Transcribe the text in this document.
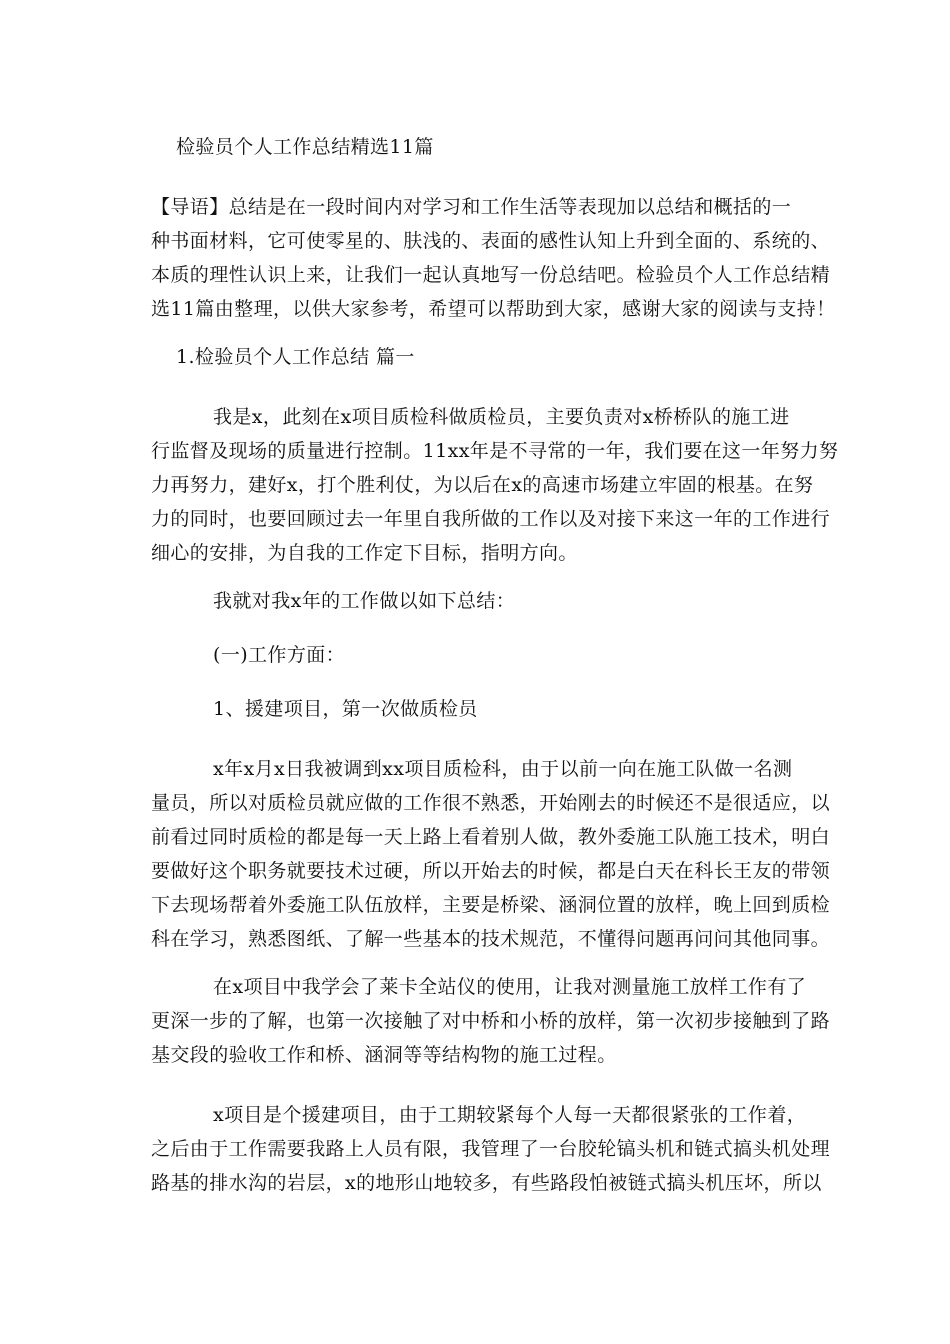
检验员个人工作总结精选11篇
【导语】总结是在一段时间内对学习和工作生活等表现加以总结和概括的一
种书面材料，它可使零星的、肤浅的、表面的感性认知上升到全面的、系统的、
本质的理性认识上来，让我们一起认真地写一份总结吧。检验员个人工作总结精
选11篇由整理，以供大家参考，希望可以帮助到大家，感谢大家的阅读与支持！
1.检验员个人工作总结 篇一
我是x，此刻在x项目质检科做质检员，主要负责对x桥桥队的施工进
行监督及现场的质量进行控制。11xx年是不寻常的一年，我们要在这一年努力努
力再努力，建好x，打个胜利仗，为以后在x的高速市场建立牢固的根基。在努
力的同时，也要回顾过去一年里自我所做的工作以及对接下来这一年的工作进行
细心的安排，为自我的工作定下目标，指明方向。
我就对我x年的工作做以如下总结：
(一)工作方面：
1、援建项目，第一次做质检员
x年x月x日我被调到xx项目质检科，由于以前一向在施工队做一名测
量员，所以对质检员就应做的工作很不熟悉，开始刚去的时候还不是很适应，以
前看过同时质检的都是每一天上路上看着别人做，教外委施工队施工技术，明白
要做好这个职务就要技术过硬，所以开始去的时候，都是白天在科长王友的带领
下去现场帮着外委施工队伍放样，主要是桥梁、涵洞位置的放样，晚上回到质检
科在学习，熟悉图纸、了解一些基本的技术规范，不懂得问题再问问其他同事。
在x项目中我学会了莱卡全站仪的使用，让我对测量施工放样工作有了
更深一步的了解，也第一次接触了对中桥和小桥的放样，第一次初步接触到了路
基交段的验收工作和桥、涵洞等等结构物的施工过程。
x项目是个援建项目，由于工期较紧每个人每一天都很紧张的工作着，
之后由于工作需要我路上人员有限，我管理了一台胶轮镐头机和链式搞头机处理
路基的排水沟的岩层，x的地形山地较多，有些路段怕被链式搞头机压坏，所以
